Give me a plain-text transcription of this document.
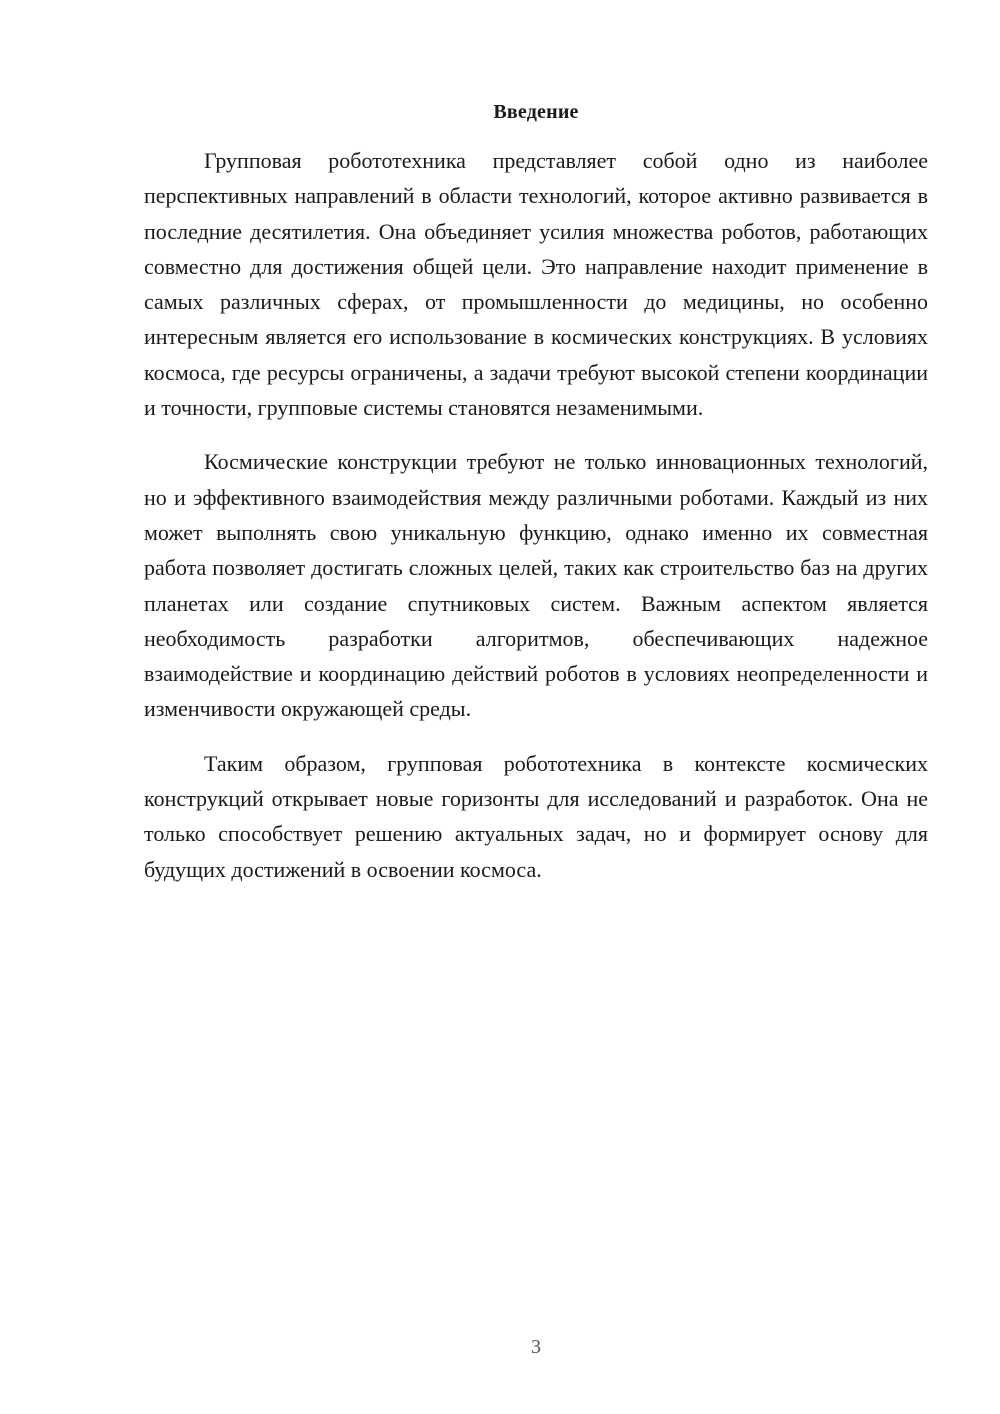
Введение

Групповая робототехника представляет собой одно из наиболее перспективных направлений в области технологий, которое активно развивается в последние десятилетия. Она объединяет усилия множества роботов, работающих совместно для достижения общей цели. Это направление находит применение в самых различных сферах, от промышленности до медицины, но особенно интересным является его использование в космических конструкциях. В условиях космоса, где ресурсы ограничены, а задачи требуют высокой степени координации и точности, групповые системы становятся незаменимыми.

Космические конструкции требуют не только инновационных технологий, но и эффективного взаимодействия между различными роботами. Каждый из них может выполнять свою уникальную функцию, однако именно их совместная работа позволяет достигать сложных целей, таких как строительство баз на других планетах или создание спутниковых систем. Важным аспектом является необходимость разработки алгоритмов, обеспечивающих надежное взаимодействие и координацию действий роботов в условиях неопределенности и изменчивости окружающей среды.

Таким образом, групповая робототехника в контексте космических конструкций открывает новые горизонты для исследований и разработок. Она не только способствует решению актуальных задач, но и формирует основу для будущих достижений в освоении космоса.

3
